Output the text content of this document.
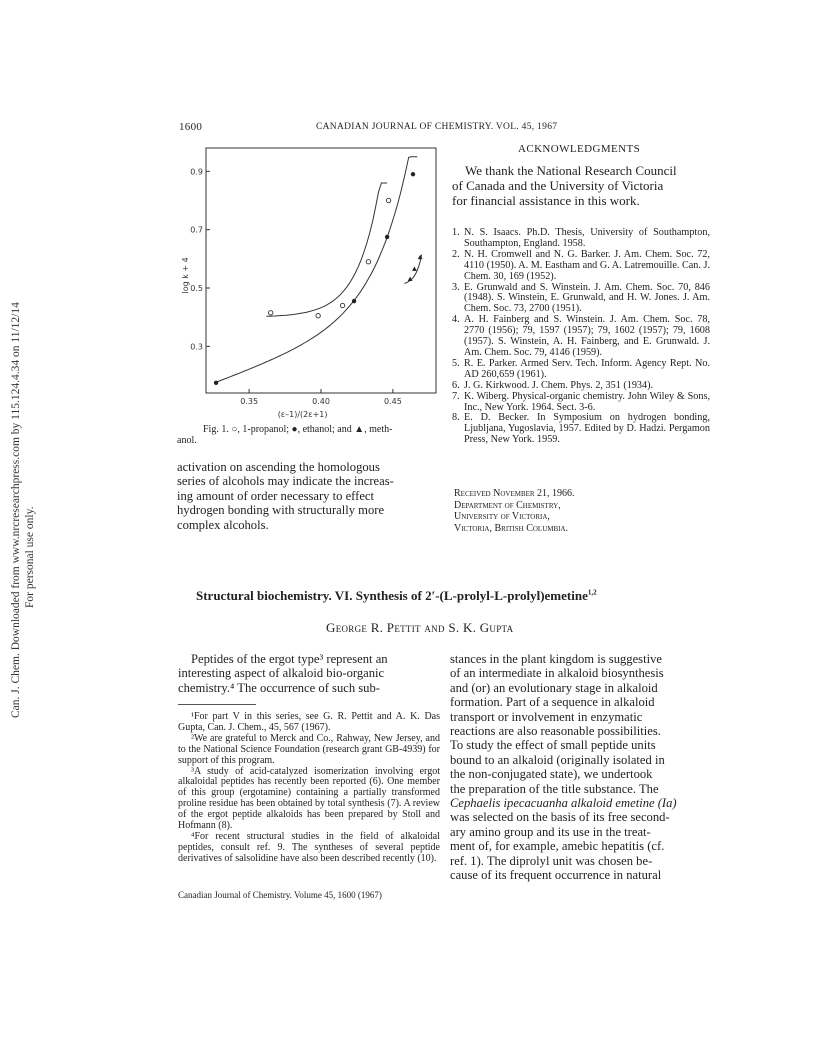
Can. J. Chem. Downloaded from www.nrcresearchpress.com by 115.124.4.34 on 11/12/14 For personal use only.
1600	CANADIAN JOURNAL OF CHEMISTRY. VOL. 45, 1967
0.35	0.40	0.45
0.9
0.7
0.5
0.3
(ε–1)/(2ε+1)
log k + 4
Fig. 1. ○, 1-propanol; ●, ethanol; and ▲, meth-
anol.
activation on ascending the homologous
series of alcohols may indicate the increas-
ing amount of order necessary to effect
hydrogen bonding with structurally more
complex alcohols.
ACKNOWLEDGMENTS
We thank the National Research Council
of Canada and the University of Victoria
for financial assistance in this work.
1. N. S. Isaacs. Ph.D. Thesis, University of Southampton, Southampton, England. 1958.
2. N. H. Cromwell and N. G. Barker. J. Am. Chem. Soc. 72, 4110 (1950). A. M. Eastham and G. A. Latremouille. Can. J. Chem. 30, 169 (1952).
3. E. Grunwald and S. Winstein. J. Am. Chem. Soc. 70, 846 (1948). S. Winstein, E. Grunwald, and H. W. Jones. J. Am. Chem. Soc. 73, 2700 (1951).
4. A. H. Fainberg and S. Winstein. J. Am. Chem. Soc. 78, 2770 (1956); 79, 1597 (1957); 79, 1602 (1957); 79, 1608 (1957). S. Winstein, A. H. Fainberg, and E. Grunwald. J. Am. Chem. Soc. 79, 4146 (1959).
5. R. E. Parker. Armed Serv. Tech. Inform. Agency Rept. No. AD 260,659 (1961).
6. J. G. Kirkwood. J. Chem. Phys. 2, 351 (1934).
7. K. Wiberg. Physical-organic chemistry. John Wiley & Sons, Inc., New York. 1964. Sect. 3-6.
8. E. D. Becker. In Symposium on hydrogen bonding, Ljubljana, Yugoslavia, 1957. Edited by D. Hadzi. Pergamon Press, New York. 1959.
Received November 21, 1966.
Department of Chemistry,
University of Victoria,
Victoria, British Columbia.
Structural biochemistry. VI. Synthesis of 2′-(L-prolyl-L-prolyl)emetine$^{1,2}$
George R. Pettit and S. K. Gupta
Peptides of the ergot type³ represent an
interesting aspect of alkaloid bio-organic
chemistry.⁴ The occurrence of such sub-
¹For part V in this series, see G. R. Pettit and A. K. Das Gupta, Can. J. Chem., 45, 567 (1967).
²We are grateful to Merck and Co., Rahway, New Jersey, and to the National Science Foundation (research grant GB-4939) for support of this program.
³A study of acid-catalyzed isomerization involving ergot alkaloidal peptides has recently been reported (6). One member of this group (ergotamine) containing a partially transformed proline residue has been obtained by total synthesis (7). A review of the ergot peptide alkaloids has been prepared by Stoll and Hofmann (8).
⁴For recent structural studies in the field of alkaloidal peptides, consult ref. 9. The syntheses of several peptide derivatives of salsolidine have also been described recently (10).
stances in the plant kingdom is suggestive
of an intermediate in alkaloid biosynthesis
and (or) an evolutionary stage in alkaloid
formation. Part of a sequence in alkaloid
transport or involvement in enzymatic
reactions are also reasonable possibilities.
To study the effect of small peptide units
bound to an alkaloid (originally isolated in
the non-conjugated state), we undertook
the preparation of the title substance. The
Cephaelis ipecacuanha alkaloid emetine (Ia)
was selected on the basis of its free second-
ary amino group and its use in the treat-
ment of, for example, amebic hepatitis (cf.
ref. 1). The diprolyl unit was chosen be-
cause of its frequent occurrence in natural
Canadian Journal of Chemistry. Volume 45, 1600 (1967)
